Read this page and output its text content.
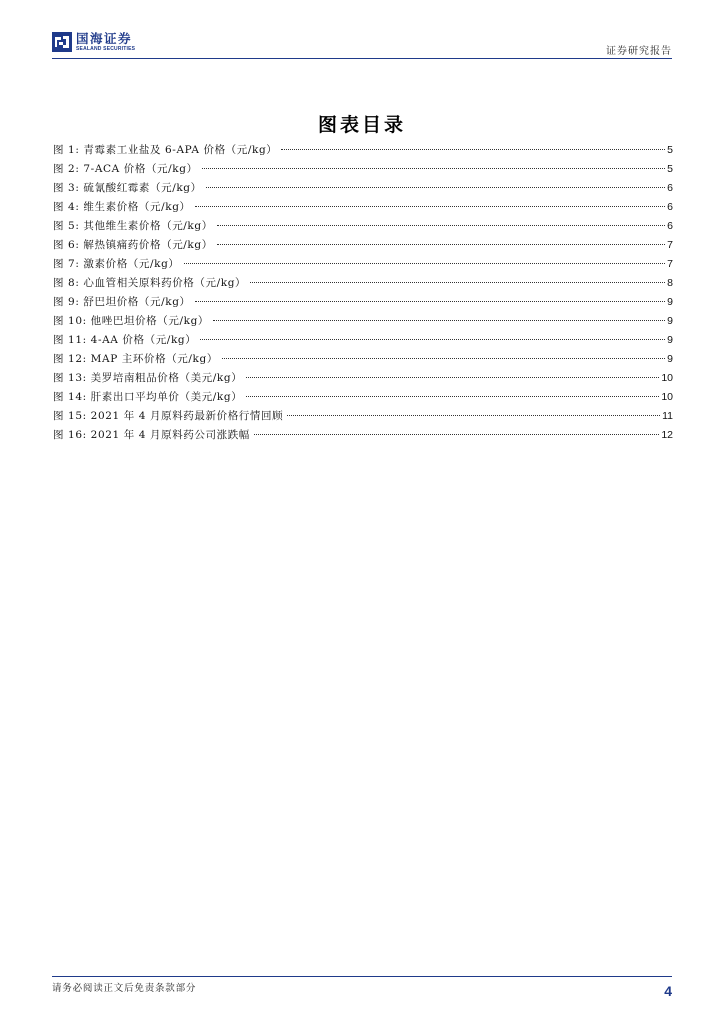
国海证券
SEALAND SECURITIES	证券研究报告
图表目录
图 1: 青霉素工业盐及 6-APA 价格（元/kg）	5
图 2: 7-ACA 价格（元/kg）	5
图 3: 硫氰酸红霉素（元/kg）	6
图 4: 维生素价格（元/kg）	6
图 5: 其他维生素价格（元/kg）	6
图 6: 解热镇痛药价格（元/kg）	7
图 7: 激素价格（元/kg）	7
图 8: 心血管相关原料药价格（元/kg）	8
图 9: 舒巴坦价格（元/kg）	9
图 10: 他唑巴坦价格（元/kg）	9
图 11: 4-AA 价格（元/kg）	9
图 12: MAP 主环价格（元/kg）	9
图 13: 美罗培南粗品价格（美元/kg）	10
图 14: 肝素出口平均单价（美元/kg）	10
图 15: 2021 年 4 月原料药最新价格行情回顾	11
图 16: 2021 年 4 月原料药公司涨跌幅	12
请务必阅读正文后免责条款部分	4
